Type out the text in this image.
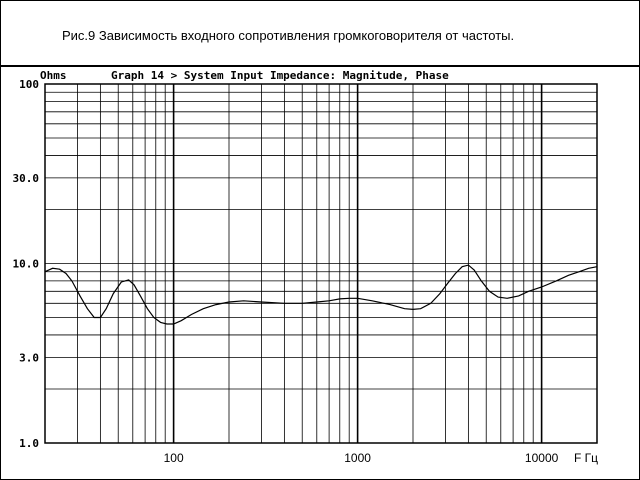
Рис.9 Зависимость входного сопротивления громкоговорителя от частоты.
Ohms	Graph 14 > System Input Impedance: Magnitude, Phase
F Гц
100
30.0
10.0
3.0
1.0
100	1000	10000
